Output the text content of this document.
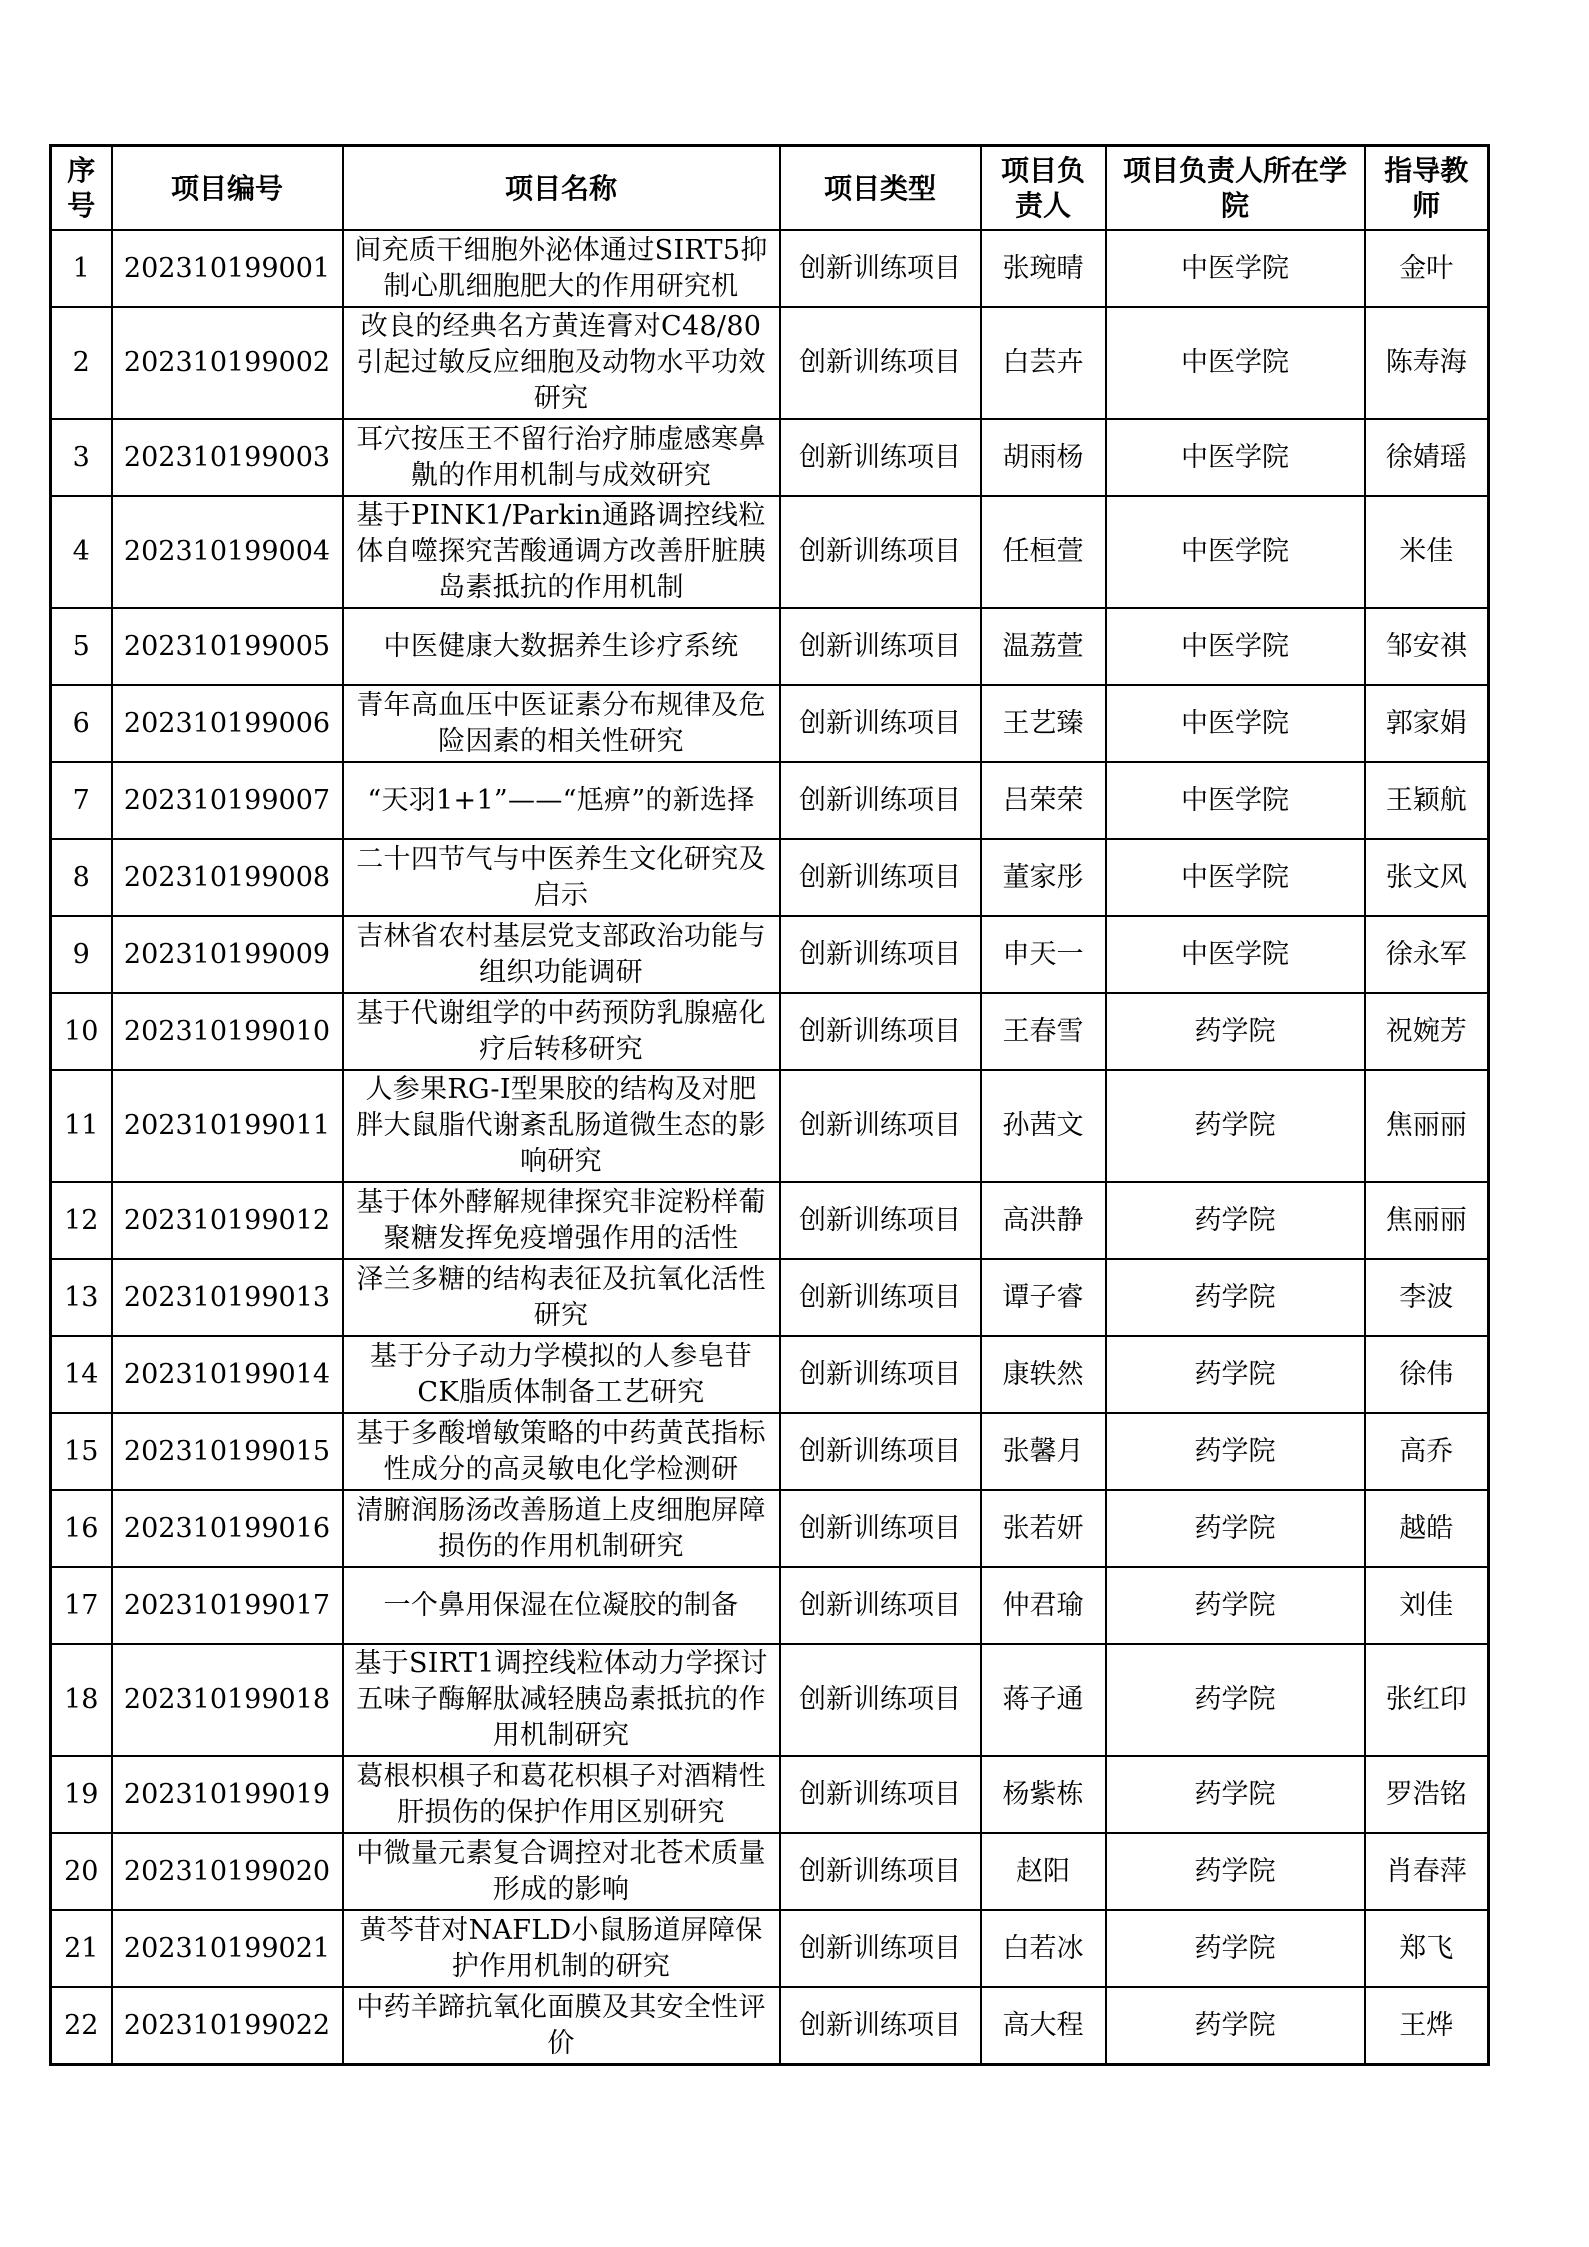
序号	项目编号	项目名称	项目类型	项目负责人	项目负责人所在学院	指导教师
1	202310199001	间充质干细胞外泌体通过SIRT5抑制心肌细胞肥大的作用研究机	创新训练项目	张琬晴	中医学院	金叶
2	202310199002	改良的经典名方黄连膏对C48/80引起过敏反应细胞及动物水平功效研究	创新训练项目	白芸卉	中医学院	陈寿海
3	202310199003	耳穴按压王不留行治疗肺虚感寒鼻鼽的作用机制与成效研究	创新训练项目	胡雨杨	中医学院	徐婧瑶
4	202310199004	基于PINK1/Parkin通路调控线粒体自噬探究苦酸通调方改善肝脏胰岛素抵抗的作用机制	创新训练项目	任桓萱	中医学院	米佳
5	202310199005	中医健康大数据养生诊疗系统	创新训练项目	温荔萱	中医学院	邹安祺
6	202310199006	青年高血压中医证素分布规律及危险因素的相关性研究	创新训练项目	王艺臻	中医学院	郭家娟
7	202310199007	“天羽1+1”——“尪痹”的新选择	创新训练项目	吕荣荣	中医学院	王颖航
8	202310199008	二十四节气与中医养生文化研究及启示	创新训练项目	董家彤	中医学院	张文风
9	202310199009	吉林省农村基层党支部政治功能与组织功能调研	创新训练项目	申天一	中医学院	徐永军
10	202310199010	基于代谢组学的中药预防乳腺癌化疗后转移研究	创新训练项目	王春雪	药学院	祝婉芳
11	202310199011	人参果RG-I型果胶的结构及对肥胖大鼠脂代谢紊乱肠道微生态的影响研究	创新训练项目	孙茜文	药学院	焦丽丽
12	202310199012	基于体外酵解规律探究非淀粉样葡聚糖发挥免疫增强作用的活性	创新训练项目	高洪静	药学院	焦丽丽
13	202310199013	泽兰多糖的结构表征及抗氧化活性研究	创新训练项目	谭子睿	药学院	李波
14	202310199014	基于分子动力学模拟的人参皂苷CK脂质体制备工艺研究	创新训练项目	康轶然	药学院	徐伟
15	202310199015	基于多酸增敏策略的中药黄芪指标性成分的高灵敏电化学检测研	创新训练项目	张馨月	药学院	高乔
16	202310199016	清腑润肠汤改善肠道上皮细胞屏障损伤的作用机制研究	创新训练项目	张若妍	药学院	越皓
17	202310199017	一个鼻用保湿在位凝胶的制备	创新训练项目	仲君瑜	药学院	刘佳
18	202310199018	基于SIRT1调控线粒体动力学探讨五味子酶解肽减轻胰岛素抵抗的作用机制研究	创新训练项目	蒋子通	药学院	张红印
19	202310199019	葛根枳椇子和葛花枳椇子对酒精性肝损伤的保护作用区别研究	创新训练项目	杨紫栋	药学院	罗浩铭
20	202310199020	中微量元素复合调控对北苍术质量形成的影响	创新训练项目	赵阳	药学院	肖春萍
21	202310199021	黄芩苷对NAFLD小鼠肠道屏障保护作用机制的研究	创新训练项目	白若冰	药学院	郑飞
22	202310199022	中药羊蹄抗氧化面膜及其安全性评价	创新训练项目	高大程	药学院	王烨
